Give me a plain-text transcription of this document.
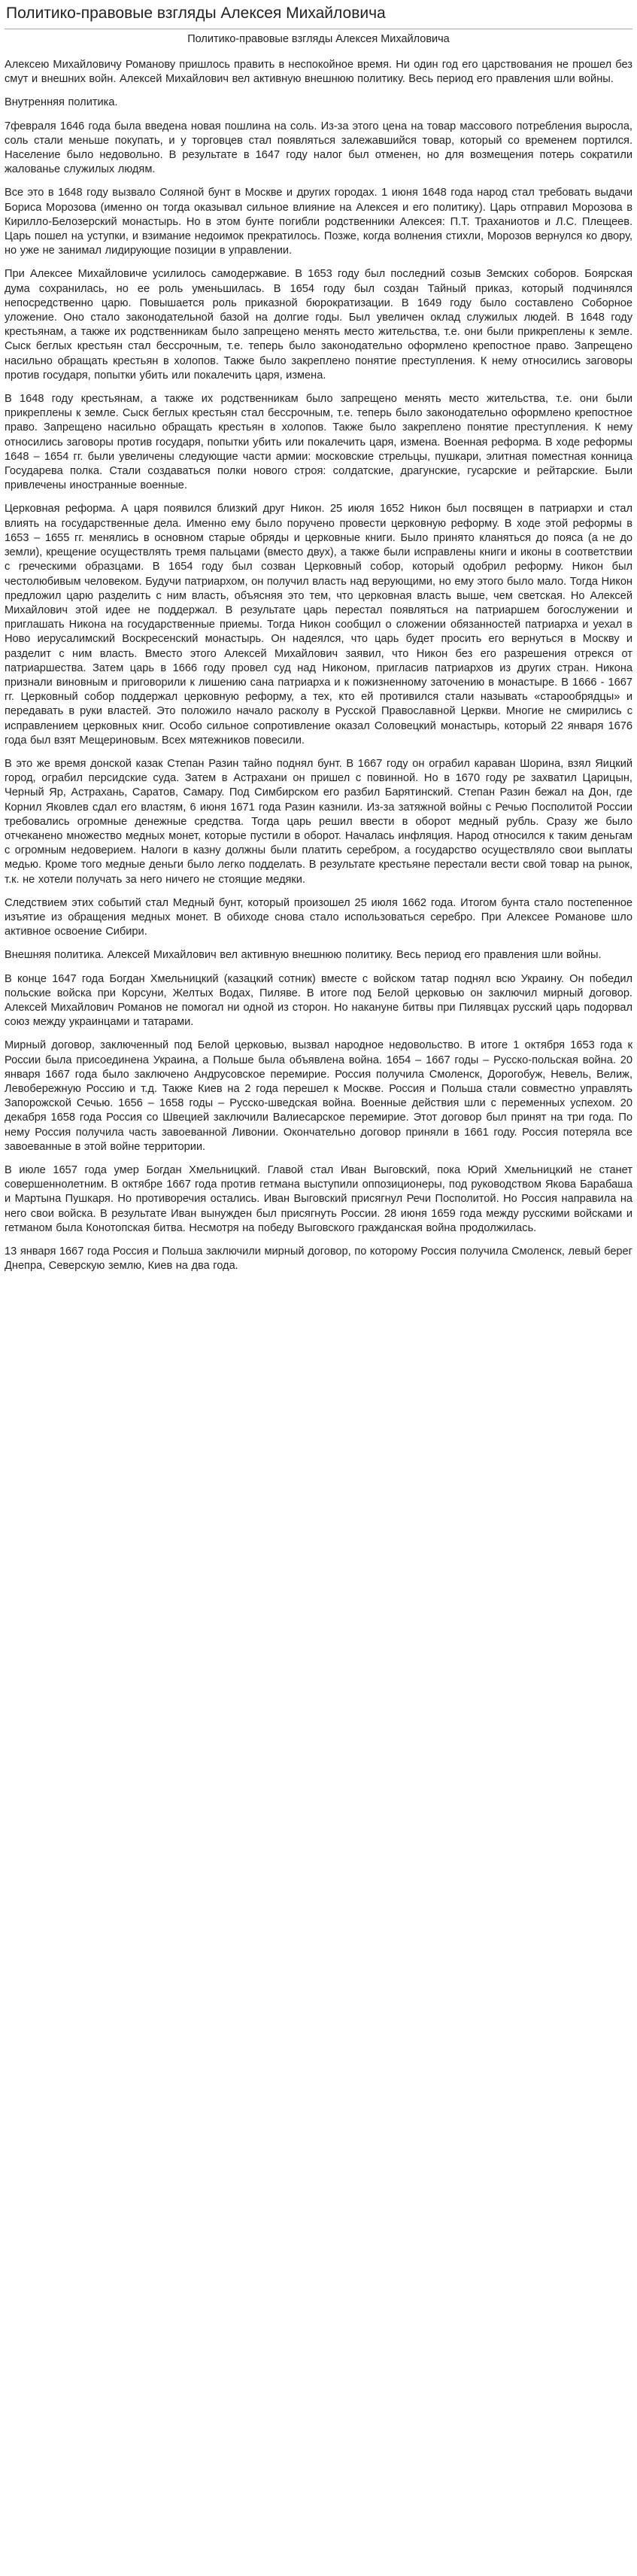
Политико-правовые взгляды Алексея Михайловича
Политико-правовые взгляды Алексея Михайловича

Алексею Михайловичу Романову пришлось править в неспокойное время. Ни один год его царствования не прошел без смут и внешних войн. Алексей Михайлович вел активную внешнюю политику. Весь период его правления шли войны.

Внутренняя политика.

7февраля 1646 года была введена новая пошлина на соль. Из-за этого цена на товар массового потребления выросла, соль стали меньше покупать, и у торговцев стал появляться залежавшийся товар, который со временем портился. Население было недовольно. В результате в 1647 году налог был отменен, но для возмещения потерь сократили жалованье служилых людям.

Все это в 1648 году вызвало Соляной бунт в Москве и других городах. 1 июня 1648 года народ стал требовать выдачи Бориса Морозова (именно он тогда оказывал сильное влияние на Алексея и его политику). Царь отправил Морозова в Кирилло-Белозерский монастырь. Но в этом бунте погибли родственники Алексея: П.Т. Траханиотов и Л.С. Плещеев. Царь пошел на уступки, и взимание недоимок прекратилось. Позже, когда волнения стихли, Морозов вернулся ко двору, но уже не занимал лидирующие позиции в управлении.

При Алексее Михайловиче усилилось самодержавие. В 1653 году был последний созыв Земских соборов. Боярская дума сохранилась, но ее роль уменьшилась. В 1654 году был создан Тайный приказ, который подчинялся непосредственно царю. Повышается роль приказной бюрократизации. В 1649 году было составлено Соборное уложение. Оно стало законодательной базой на долгие годы. Был увеличен оклад служилых людей. В 1648 году крестьянам, а также их родственникам было запрещено менять место жительства, т.е. они были прикреплены к земле. Сыск беглых крестьян стал бессрочным, т.е. теперь было законодательно оформлено крепостное право. Запрещено насильно обращать крестьян в холопов. Также было закреплено понятие преступления. К нему относились заговоры против государя, попытки убить или покалечить царя, измена.

В 1648 году крестьянам, а также их родственникам было запрещено менять место жительства, т.е. они были прикреплены к земле. Сыск беглых крестьян стал бессрочным, т.е. теперь было законодательно оформлено крепостное право. Запрещено насильно обращать крестьян в холопов. Также было закреплено понятие преступления. К нему относились заговоры против государя, попытки убить или покалечить царя, измена. Военная реформа. В ходе реформы 1648 – 1654 гг. были увеличены следующие части армии: московские стрельцы, пушкари, элитная поместная конница Государева полка. Стали создаваться полки нового строя: солдатские, драгунские, гусарские и рейтарские. Были привлечены иностранные военные.

Церковная реформа. А царя появился близкий друг Никон. 25 июля 1652 Никон был посвящен в патриархи и стал влиять на государственные дела. Именно ему было поручено провести церковную реформу. В ходе этой реформы в 1653 – 1655 гг. менялись в основном старые обряды и церковные книги. Было принято кланяться до пояса (а не до земли), крещение осуществлять тремя пальцами (вместо двух), а также были исправлены книги и иконы в соответствии с греческими образцами. В 1654 году был созван Церковный собор, который одобрил реформу. Никон был честолюбивым человеком. Будучи патриархом, он получил власть над верующими, но ему этого было мало. Тогда Никон предложил царю разделить с ним власть, объясняя это тем, что церковная власть выше, чем светская. Но Алексей Михайлович этой идее не поддержал. В результате царь перестал появляться на патриаршем богослужении и приглашать Никона на государственные приемы. Тогда Никон сообщил о сложении обязанностей патриарха и уехал в Ново иерусалимский Воскресенский монастырь. Он надеялся, что царь будет просить его вернуться в Москву и разделит с ним власть. Вместо этого Алексей Михайлович заявил, что Никон без его разрешения отрекся от патриаршества. Затем царь в 1666 году провел суд над Никоном, пригласив патриархов из других стран. Никона признали виновным и приговорили к лишению сана патриарха и к пожизненному заточению в монастыре. В 1666 - 1667 гг. Церковный собор поддержал церковную реформу, а тех, кто ей противился стали называть «старообрядцы» и передавать в руки властей. Это положило начало расколу в Русской Православной Церкви. Многие не смирились с исправлением церковных книг. Особо сильное сопротивление оказал Соловецкий монастырь, который 22 января 1676 года был взят Мещериновым. Всех мятежников повесили.

В это же время донской казак Степан Разин тайно поднял бунт. В 1667 году он ограбил караван Шорина, взял Яицкий город, ограбил персидские суда. Затем в Астрахани он пришел с повинной. Но в 1670 году ре захватил Царицын, Черный Яр, Астрахань, Саратов, Самару. Под Симбирском его разбил Барятинский. Степан Разин бежал на Дон, где Корнил Яковлев сдал его властям, 6 июня 1671 года Разин казнили. Из-за затяжной войны с Речью Посполитой России требовались огромные денежные средства. Тогда царь решил ввести в оборот медный рубль. Сразу же было отчеканено множество медных монет, которые пустили в оборот. Началась инфляция. Народ относился к таким деньгам с огромным недоверием. Налоги в казну должны были платить серебром, а государство осуществляло свои выплаты медью. Кроме того медные деньги было легко подделать. В результате крестьяне перестали вести свой товар на рынок, т.к. не хотели получать за него ничего не стоящие медяки.

Следствием этих событий стал Медный бунт, который произошел 25 июля 1662 года. Итогом бунта стало постепенное изъятие из обращения медных монет. В обиходе снова стало использоваться серебро. При Алексее Романове шло активное освоение Сибири.

Внешняя политика. Алексей Михайлович вел активную внешнюю политику. Весь период его правления шли войны.

В конце 1647 года Богдан Хмельницкий (казацкий сотник) вместе с войском татар поднял всю Украину. Он победил польские войска при Корсуни, Желтых Водах, Пиляве. В итоге под Белой церковью он заключил мирный договор. Алексей Михайлович Романов не помогал ни одной из сторон. Но накануне битвы при Пилявцах русский царь подорвал союз между украинцами и татарами.

Мирный договор, заключенный под Белой церковью, вызвал народное недовольство. В итоге 1 октября 1653 года к России была присоединена Украина, а Польше была объявлена война. 1654 – 1667 годы – Русско-польская война. 20 января 1667 года было заключено Андрусовское перемирие. Россия получила Смоленск, Дорогобуж, Невель, Велиж, Левобережную Россию и т.д. Также Киев на 2 года перешел к Москве. Россия и Польша стали совместно управлять Запорожской Сечью. 1656 – 1658 годы – Русско-шведская война. Военные действия шли с переменных успехом. 20 декабря 1658 года Россия со Швецией заключили Валиесарское перемирие. Этот договор был принят на три года. По нему Россия получила часть завоеванной Ливонии. Окончательно договор приняли в 1661 году. Россия потеряла все завоеванные в этой войне территории.

В июле 1657 года умер Богдан Хмельницкий. Главой стал Иван Выговский, пока Юрий Хмельницкий не станет совершеннолетним. В октябре 1667 года против гетмана выступили оппозиционеры, под руководством Якова Барабаша и Мартына Пушкаря. Но противоречия остались. Иван Выговский присягнул Речи Посполитой. Но Россия направила на него свои войска. В результате Иван вынужден был присягнуть России. 28 июня 1659 года между русскими войсками и гетманом была Конотопская битва. Несмотря на победу Выговского гражданская война продолжилась.

13 января 1667 года Россия и Польша заключили мирный договор, по которому Россия получила Смоленск, левый берег Днепра, Северскую землю, Киев на два года.
